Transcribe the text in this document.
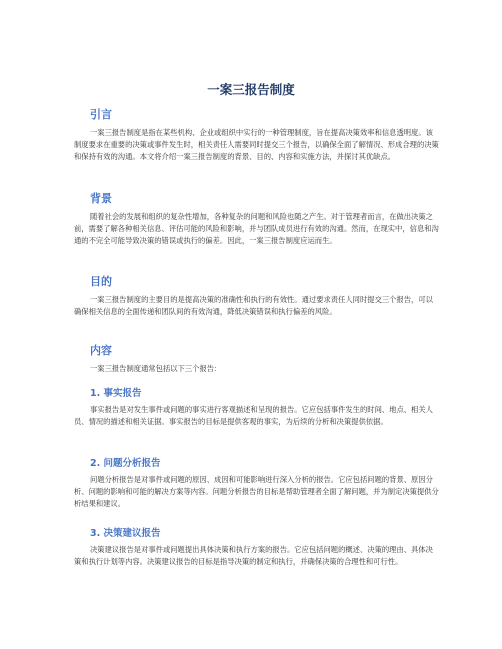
一案三报告制度
引言

一案三报告制度是指在某些机构、企业或组织中实行的一种管理制度，旨在提高决策效率和信息透明度。该制度要求在重要的决策或事件发生时，相关责任人需要同时提交三个报告，以确保全面了解情况、形成合理的决策和保持有效的沟通。本文将介绍一案三报告制度的背景、目的、内容和实施方法，并探讨其优缺点。

背景

随着社会的发展和组织的复杂性增加，各种复杂的问题和风险也随之产生。对于管理者而言，在做出决策之前，需要了解各种相关信息、评估可能的风险和影响，并与团队成员进行有效的沟通。然而，在现实中，信息和沟通的不完全可能导致决策的错误或执行的偏差。因此，一案三报告制度应运而生。

目的

一案三报告制度的主要目的是提高决策的准确性和执行的有效性。通过要求责任人同时提交三个报告，可以确保相关信息的全面传递和团队间的有效沟通，降低决策错误和执行偏差的风险。

内容

一案三报告制度通常包括以下三个报告：

1. 事实报告

事实报告是对发生事件或问题的事实进行客观描述和呈现的报告。它应包括事件发生的时间、地点、相关人员、情况的描述和相关证据。事实报告的目标是提供客观的事实，为后续的分析和决策提供依据。

2. 问题分析报告

问题分析报告是对事件或问题的原因、成因和可能影响进行深入分析的报告。它应包括问题的背景、原因分析、问题的影响和可能的解决方案等内容。问题分析报告的目标是帮助管理者全面了解问题，并为制定决策提供分析结果和建议。

3. 决策建议报告

决策建议报告是对事件或问题提出具体决策和执行方案的报告。它应包括问题的概述、决策的理由、具体决策和执行计划等内容。决策建议报告的目标是指导决策的制定和执行，并确保决策的合理性和可行性。
